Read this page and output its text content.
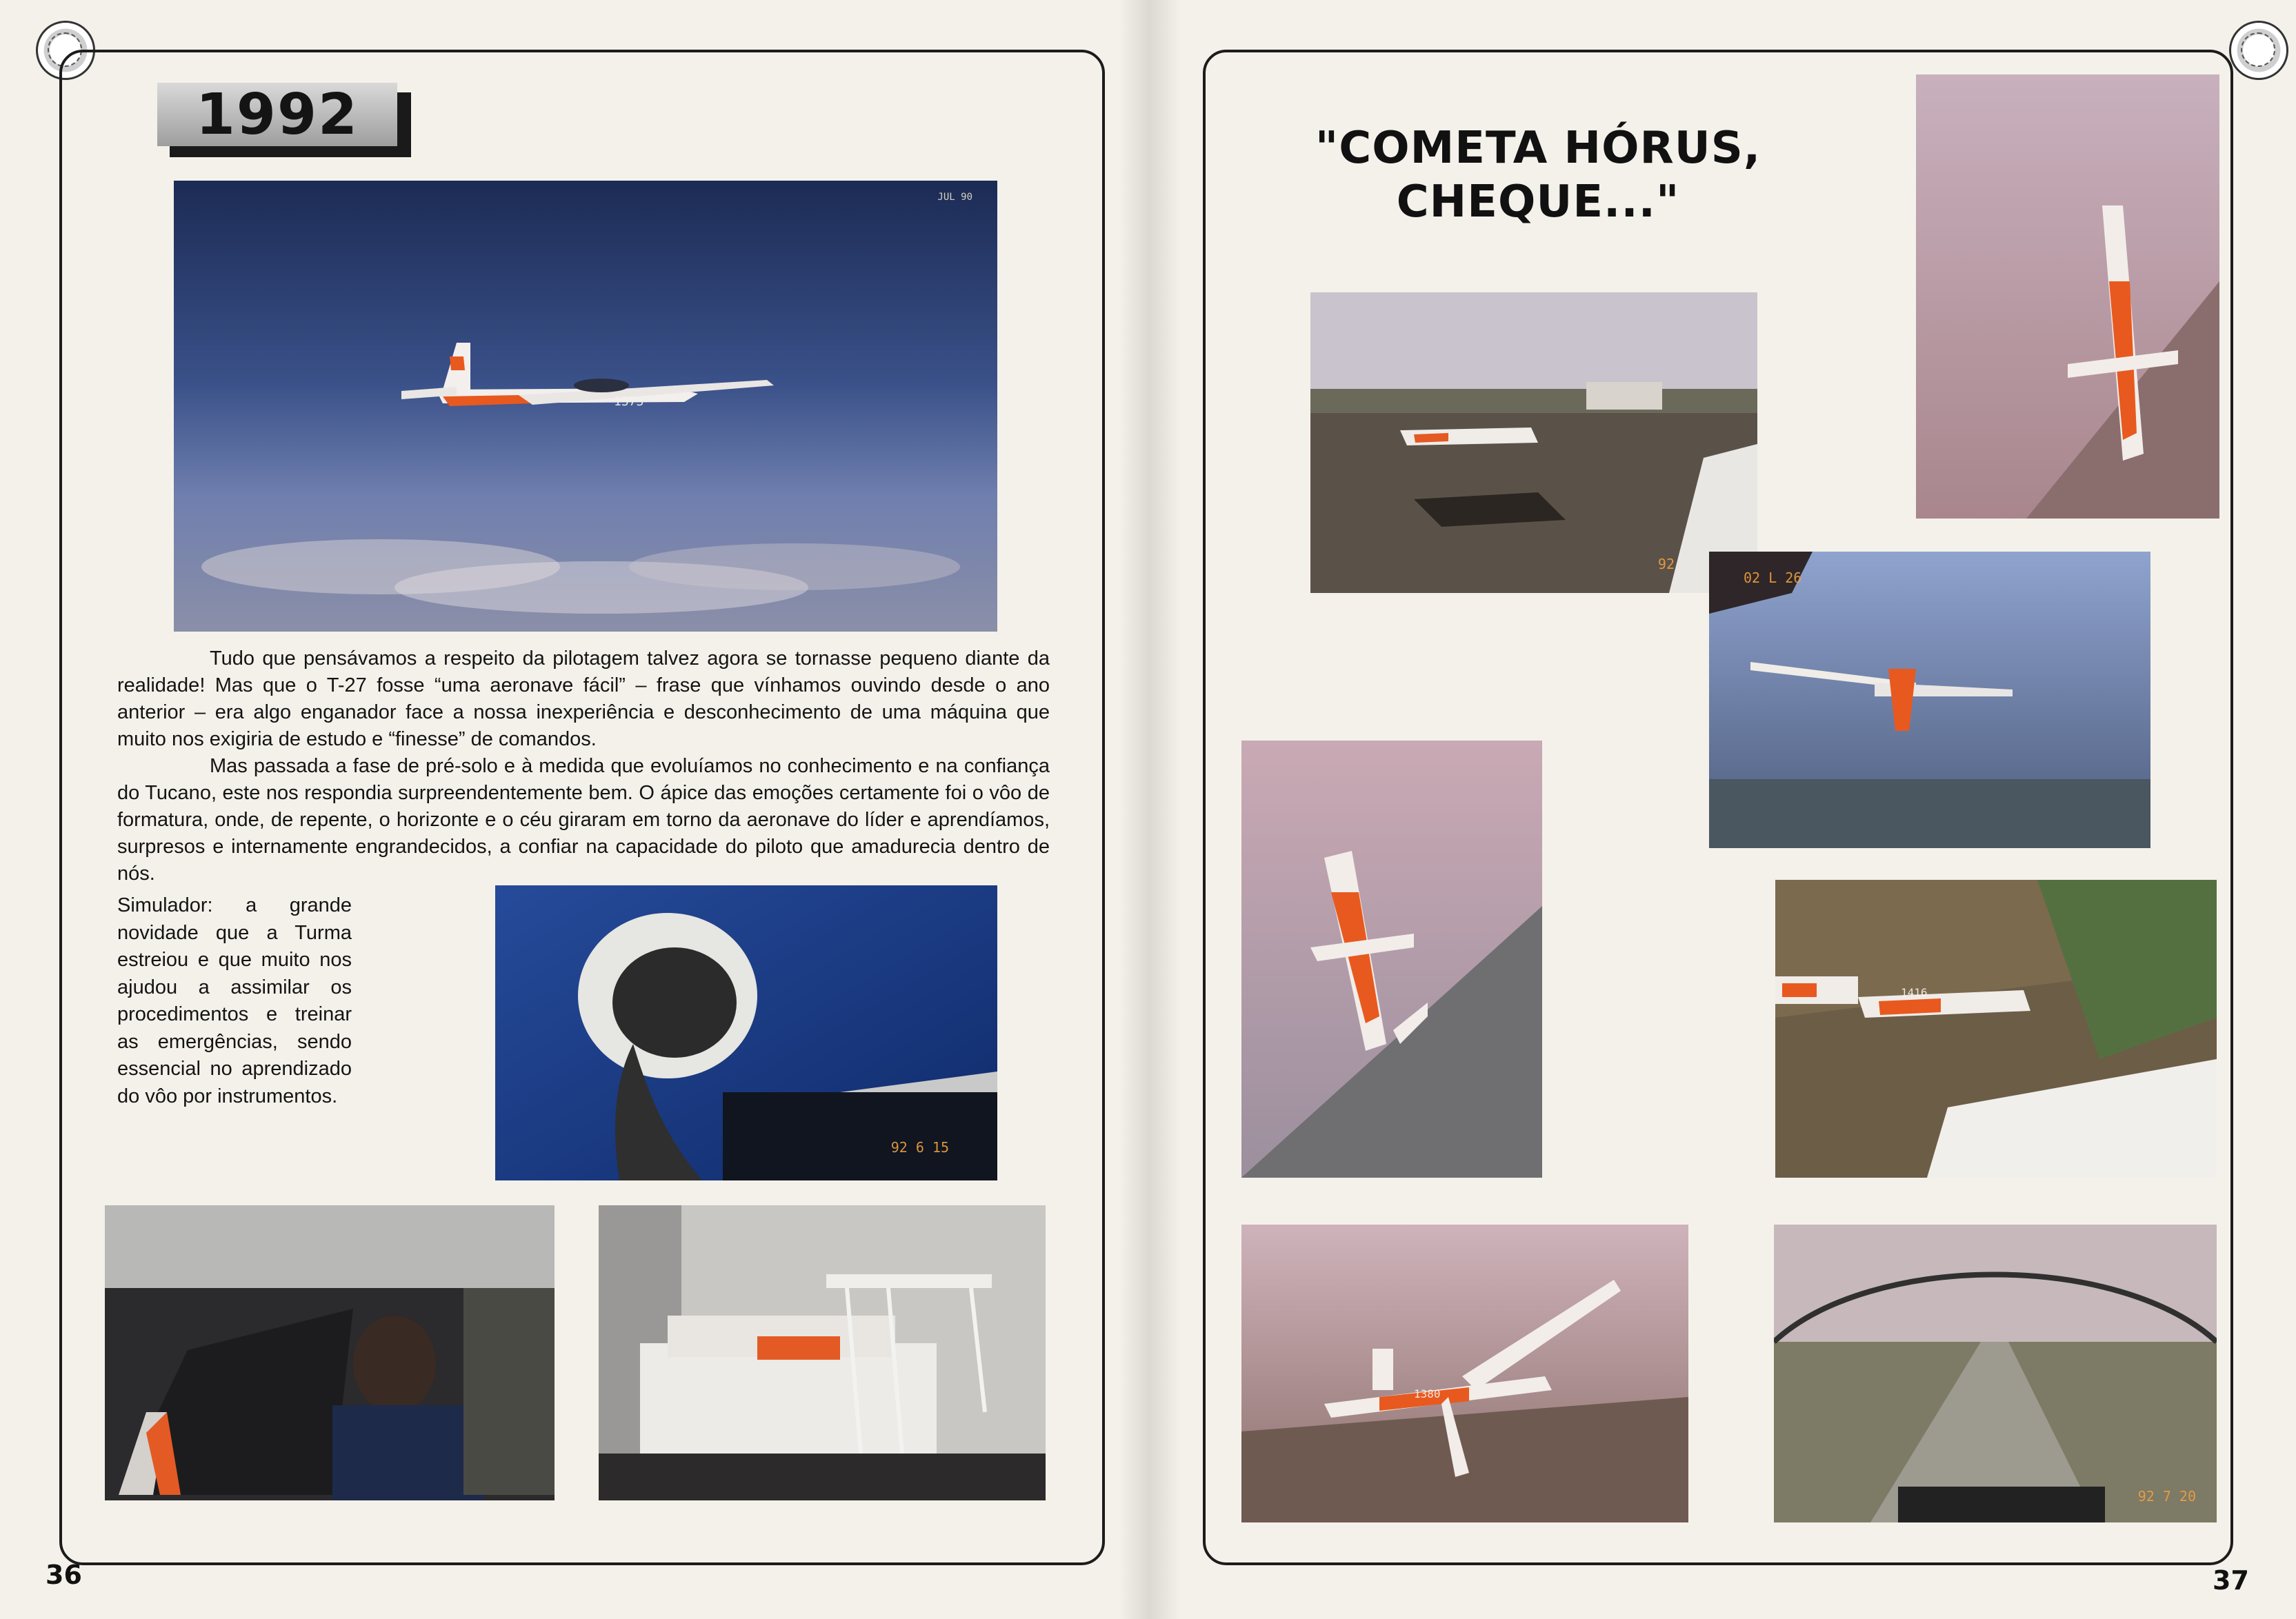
1992
JUL 90
1373

Tudo que pensávamos a respeito da pilotagem talvez agora se tornasse pequeno diante da realidade! Mas que o T-27 fosse “uma aeronave fácil” – frase que vínhamos ouvindo desde o ano anterior – era algo enganador face a nossa inexperiência e desconhecimento de uma máquina que muito nos exigiria de estudo e “finesse” de comandos.

Mas passada a fase de pré-solo e à medida que evoluíamos no conhecimento e na confiança do Tucano, este nos respondia surpreendentemente bem. O ápice das emoções certamente foi o vôo de formatura, onde, de repente, o horizonte e o céu giraram em torno da aeronave do líder e aprendíamos, surpresos e internamente engrandecidos, a confiar na capacidade do piloto que amadurecia dentro de nós.

Simulador: a grande novidade que a Turma estreiou e que muito nos ajudou a assimilar os procedimentos e treinar as emergências, sendo essencial no aprendizado do vôo por instrumentos.
92 6 15
36
"COMETA HÓRUS,
CHEQUE..."
92
02 L 26
1416
1380
92 7 20
37
